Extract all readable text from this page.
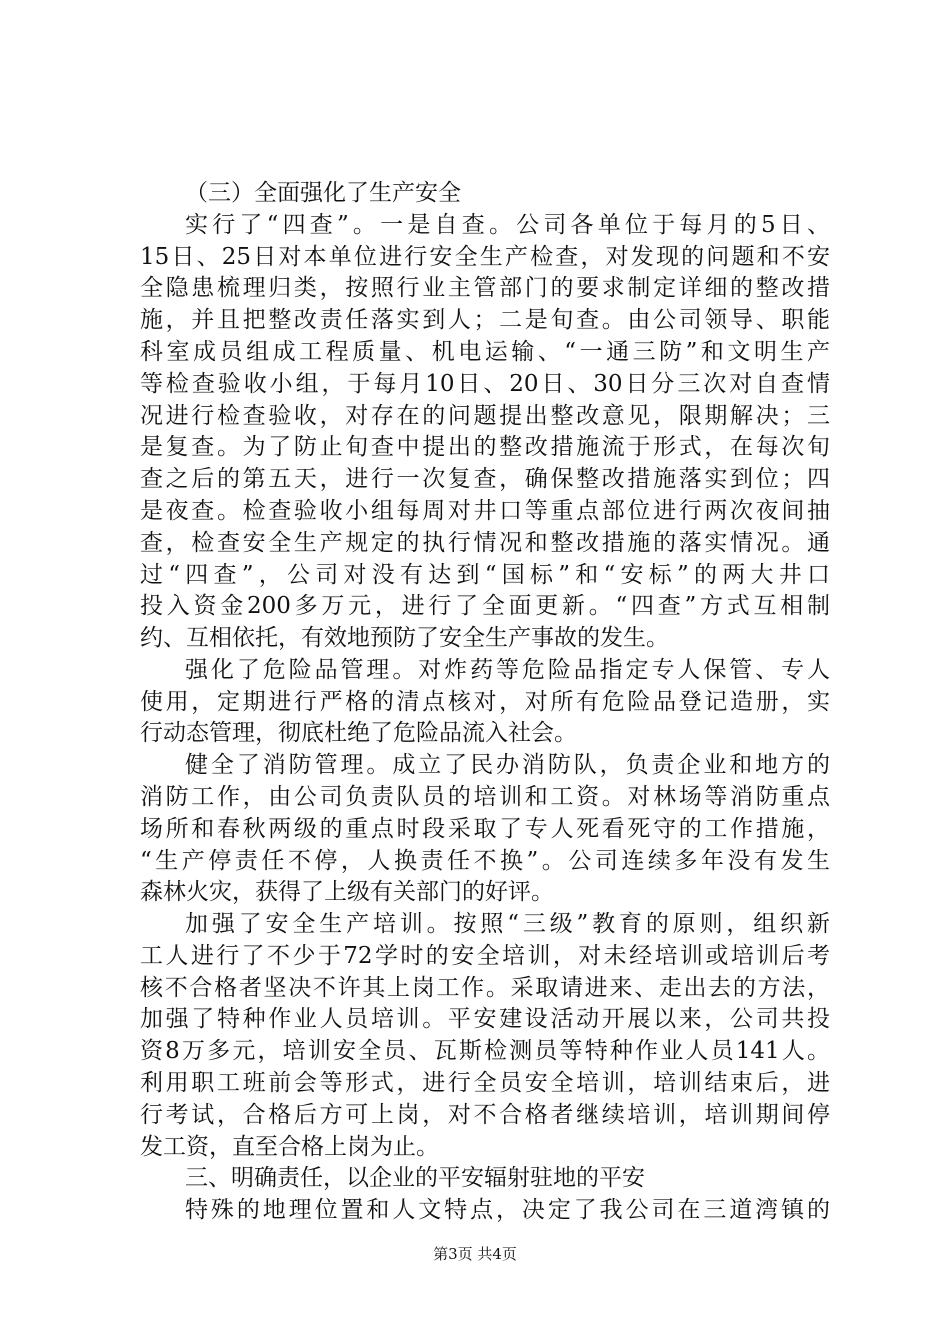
（三）全面强化了生产安全
实行了“四查”。一是自查。公司各单位于每月的5日、
15日、25日对本单位进行安全生产检查，对发现的问题和不安
全隐患梳理归类，按照行业主管部门的要求制定详细的整改措
施，并且把整改责任落实到人；二是旬查。由公司领导、职能
科室成员组成工程质量、机电运输、“一通三防”和文明生产
等检查验收小组，于每月10日、20日、30日分三次对自查情
况进行检查验收，对存在的问题提出整改意见，限期解决；三
是复查。为了防止旬查中提出的整改措施流于形式，在每次旬
查之后的第五天，进行一次复查，确保整改措施落实到位；四
是夜查。检查验收小组每周对井口等重点部位进行两次夜间抽
查，检查安全生产规定的执行情况和整改措施的落实情况。通
过“四查”，公司对没有达到“国标”和“安标”的两大井口
投入资金200多万元，进行了全面更新。“四查”方式互相制
约、互相依托，有效地预防了安全生产事故的发生。
强化了危险品管理。对炸药等危险品指定专人保管、专人
使用，定期进行严格的清点核对，对所有危险品登记造册，实
行动态管理，彻底杜绝了危险品流入社会。
健全了消防管理。成立了民办消防队，负责企业和地方的
消防工作，由公司负责队员的培训和工资。对林场等消防重点
场所和春秋两级的重点时段采取了专人死看死守的工作措施，
“生产停责任不停，人换责任不换”。公司连续多年没有发生
森林火灾，获得了上级有关部门的好评。
加强了安全生产培训。按照“三级”教育的原则，组织新
工人进行了不少于72学时的安全培训，对未经培训或培训后考
核不合格者坚决不许其上岗工作。采取请进来、走出去的方法，
加强了特种作业人员培训。平安建设活动开展以来，公司共投
资8万多元，培训安全员、瓦斯检测员等特种作业人员141人。
利用职工班前会等形式，进行全员安全培训，培训结束后，进
行考试，合格后方可上岗，对不合格者继续培训，培训期间停
发工资，直至合格上岗为止。
三、明确责任，以企业的平安辐射驻地的平安
特殊的地理位置和人文特点，决定了我公司在三道湾镇的
第3页 共4页
